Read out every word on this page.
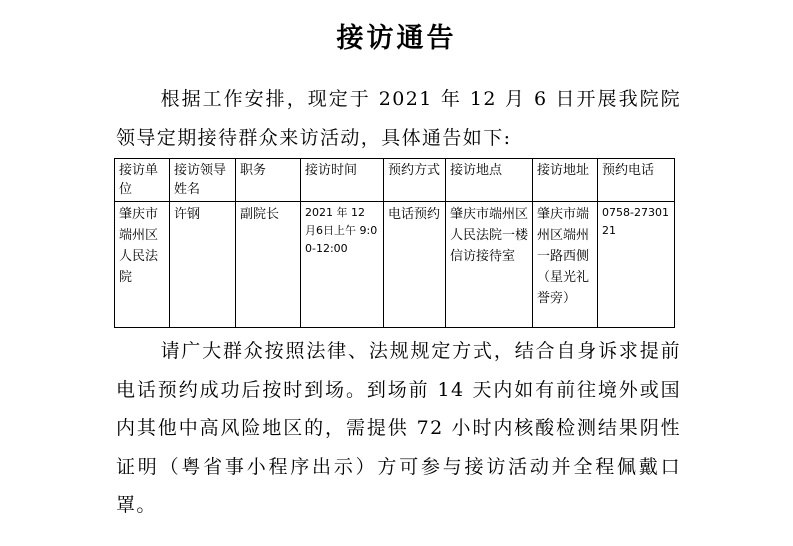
接访通告
根据工作安排，现定于 2021 年 12 月 6 日开展我院院领导定期接待群众来访活动，具体通告如下:
接访单位	接访领导姓名	职务	接访时间	预约方式	接访地点	接访地址	预约电话
肇庆市端州区人民法院	许钢	副院长	2021 年 12 月6日上午 9:00-12:00	电话预约	肇庆市端州区人民法院一楼信访接待室	肇庆市端州区端州一路西侧（星光礼誉旁）	0758-2730121
请广大群众按照法律、法规规定方式，结合自身诉求提前电话预约成功后按时到场。到场前 14 天内如有前往境外或国内其他中高风险地区的，需提供 72 小时内核酸检测结果阴性证明（粤省事小程序出示）方可参与接访活动并全程佩戴口罩。
